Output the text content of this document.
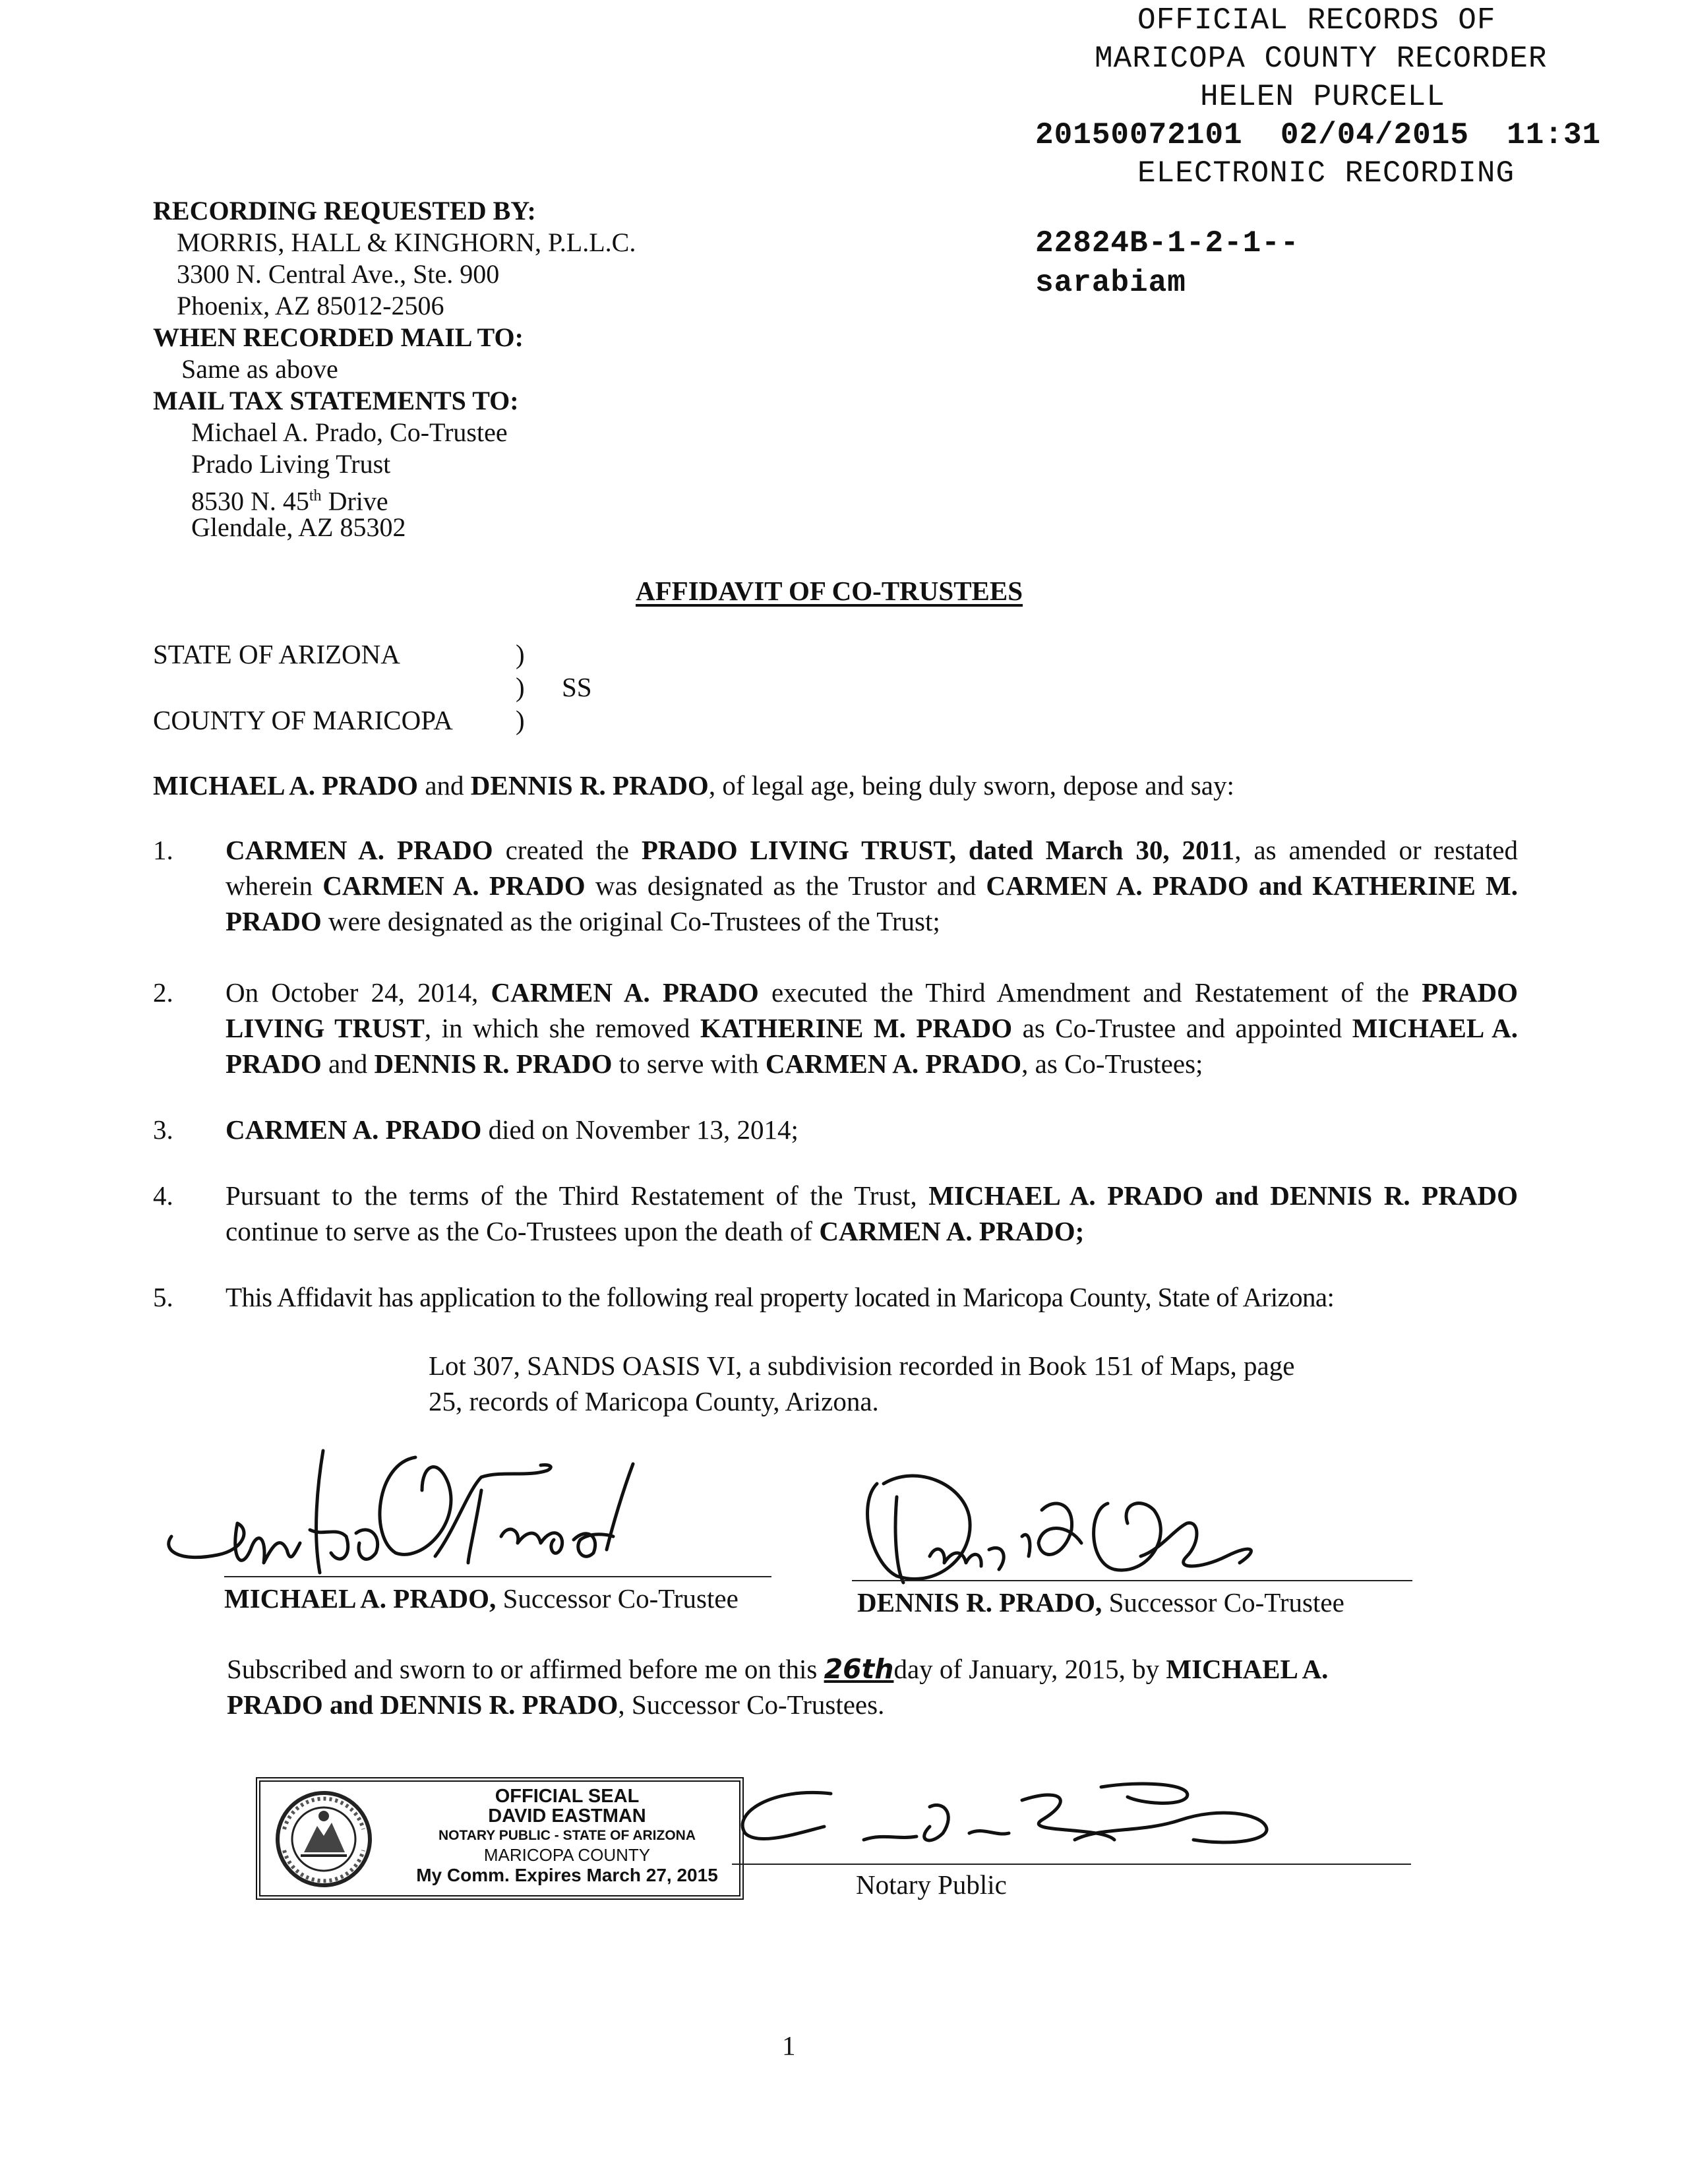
OFFICIAL RECORDS OF
MARICOPA COUNTY RECORDER
HELEN PURCELL
20150072101 02/04/2015 11:31
ELECTRONIC RECORDING
22824B-1-2-1--
sarabiam
RECORDING REQUESTED BY:
MORRIS, HALL & KINGHORN, P.L.L.C.
3300 N. Central Ave., Ste. 900
Phoenix, AZ 85012-2506
WHEN RECORDED MAIL TO:
Same as above
MAIL TAX STATEMENTS TO:
Michael A. Prado, Co-Trustee
Prado Living Trust
8530 N. 45th Drive
Glendale, AZ 85302
AFFIDAVIT OF CO-TRUSTEES
STATE OF ARIZONA	)
) SS
COUNTY OF MARICOPA )
MICHAEL A. PRADO and DENNIS R. PRADO, of legal age, being duly sworn, depose and say:
1. CARMEN A. PRADO created the PRADO LIVING TRUST, dated March 30, 2011, as amended or restated wherein CARMEN A. PRADO was designated as the Trustor and CARMEN A. PRADO and KATHERINE M. PRADO were designated as the original Co-Trustees of the Trust;
2. On October 24, 2014, CARMEN A. PRADO executed the Third Amendment and Restatement of the PRADO LIVING TRUST, in which she removed KATHERINE M. PRADO as Co-Trustee and appointed MICHAEL A. PRADO and DENNIS R. PRADO to serve with CARMEN A. PRADO, as Co-Trustees;
3. CARMEN A. PRADO died on November 13, 2014;
4. Pursuant to the terms of the Third Restatement of the Trust, MICHAEL A. PRADO and DENNIS R. PRADO continue to serve as the Co-Trustees upon the death of CARMEN A. PRADO;
5. This Affidavit has application to the following real property located in Maricopa County, State of Arizona:
Lot 307, SANDS OASIS VI, a subdivision recorded in Book 151 of Maps, page
25, records of Maricopa County, Arizona.
MICHAEL A. PRADO, Successor Co-Trustee	DENNIS R. PRADO, Successor Co-Trustee
Subscribed and sworn to or affirmed before me on this 26thday of January, 2015, by MICHAEL A.
PRADO and DENNIS R. PRADO, Successor Co-Trustees.
OFFICIAL SEAL
DAVID EASTMAN
NOTARY PUBLIC - STATE OF ARIZONA
MARICOPA COUNTY
My Comm. Expires March 27, 2015	Notary Public
1
